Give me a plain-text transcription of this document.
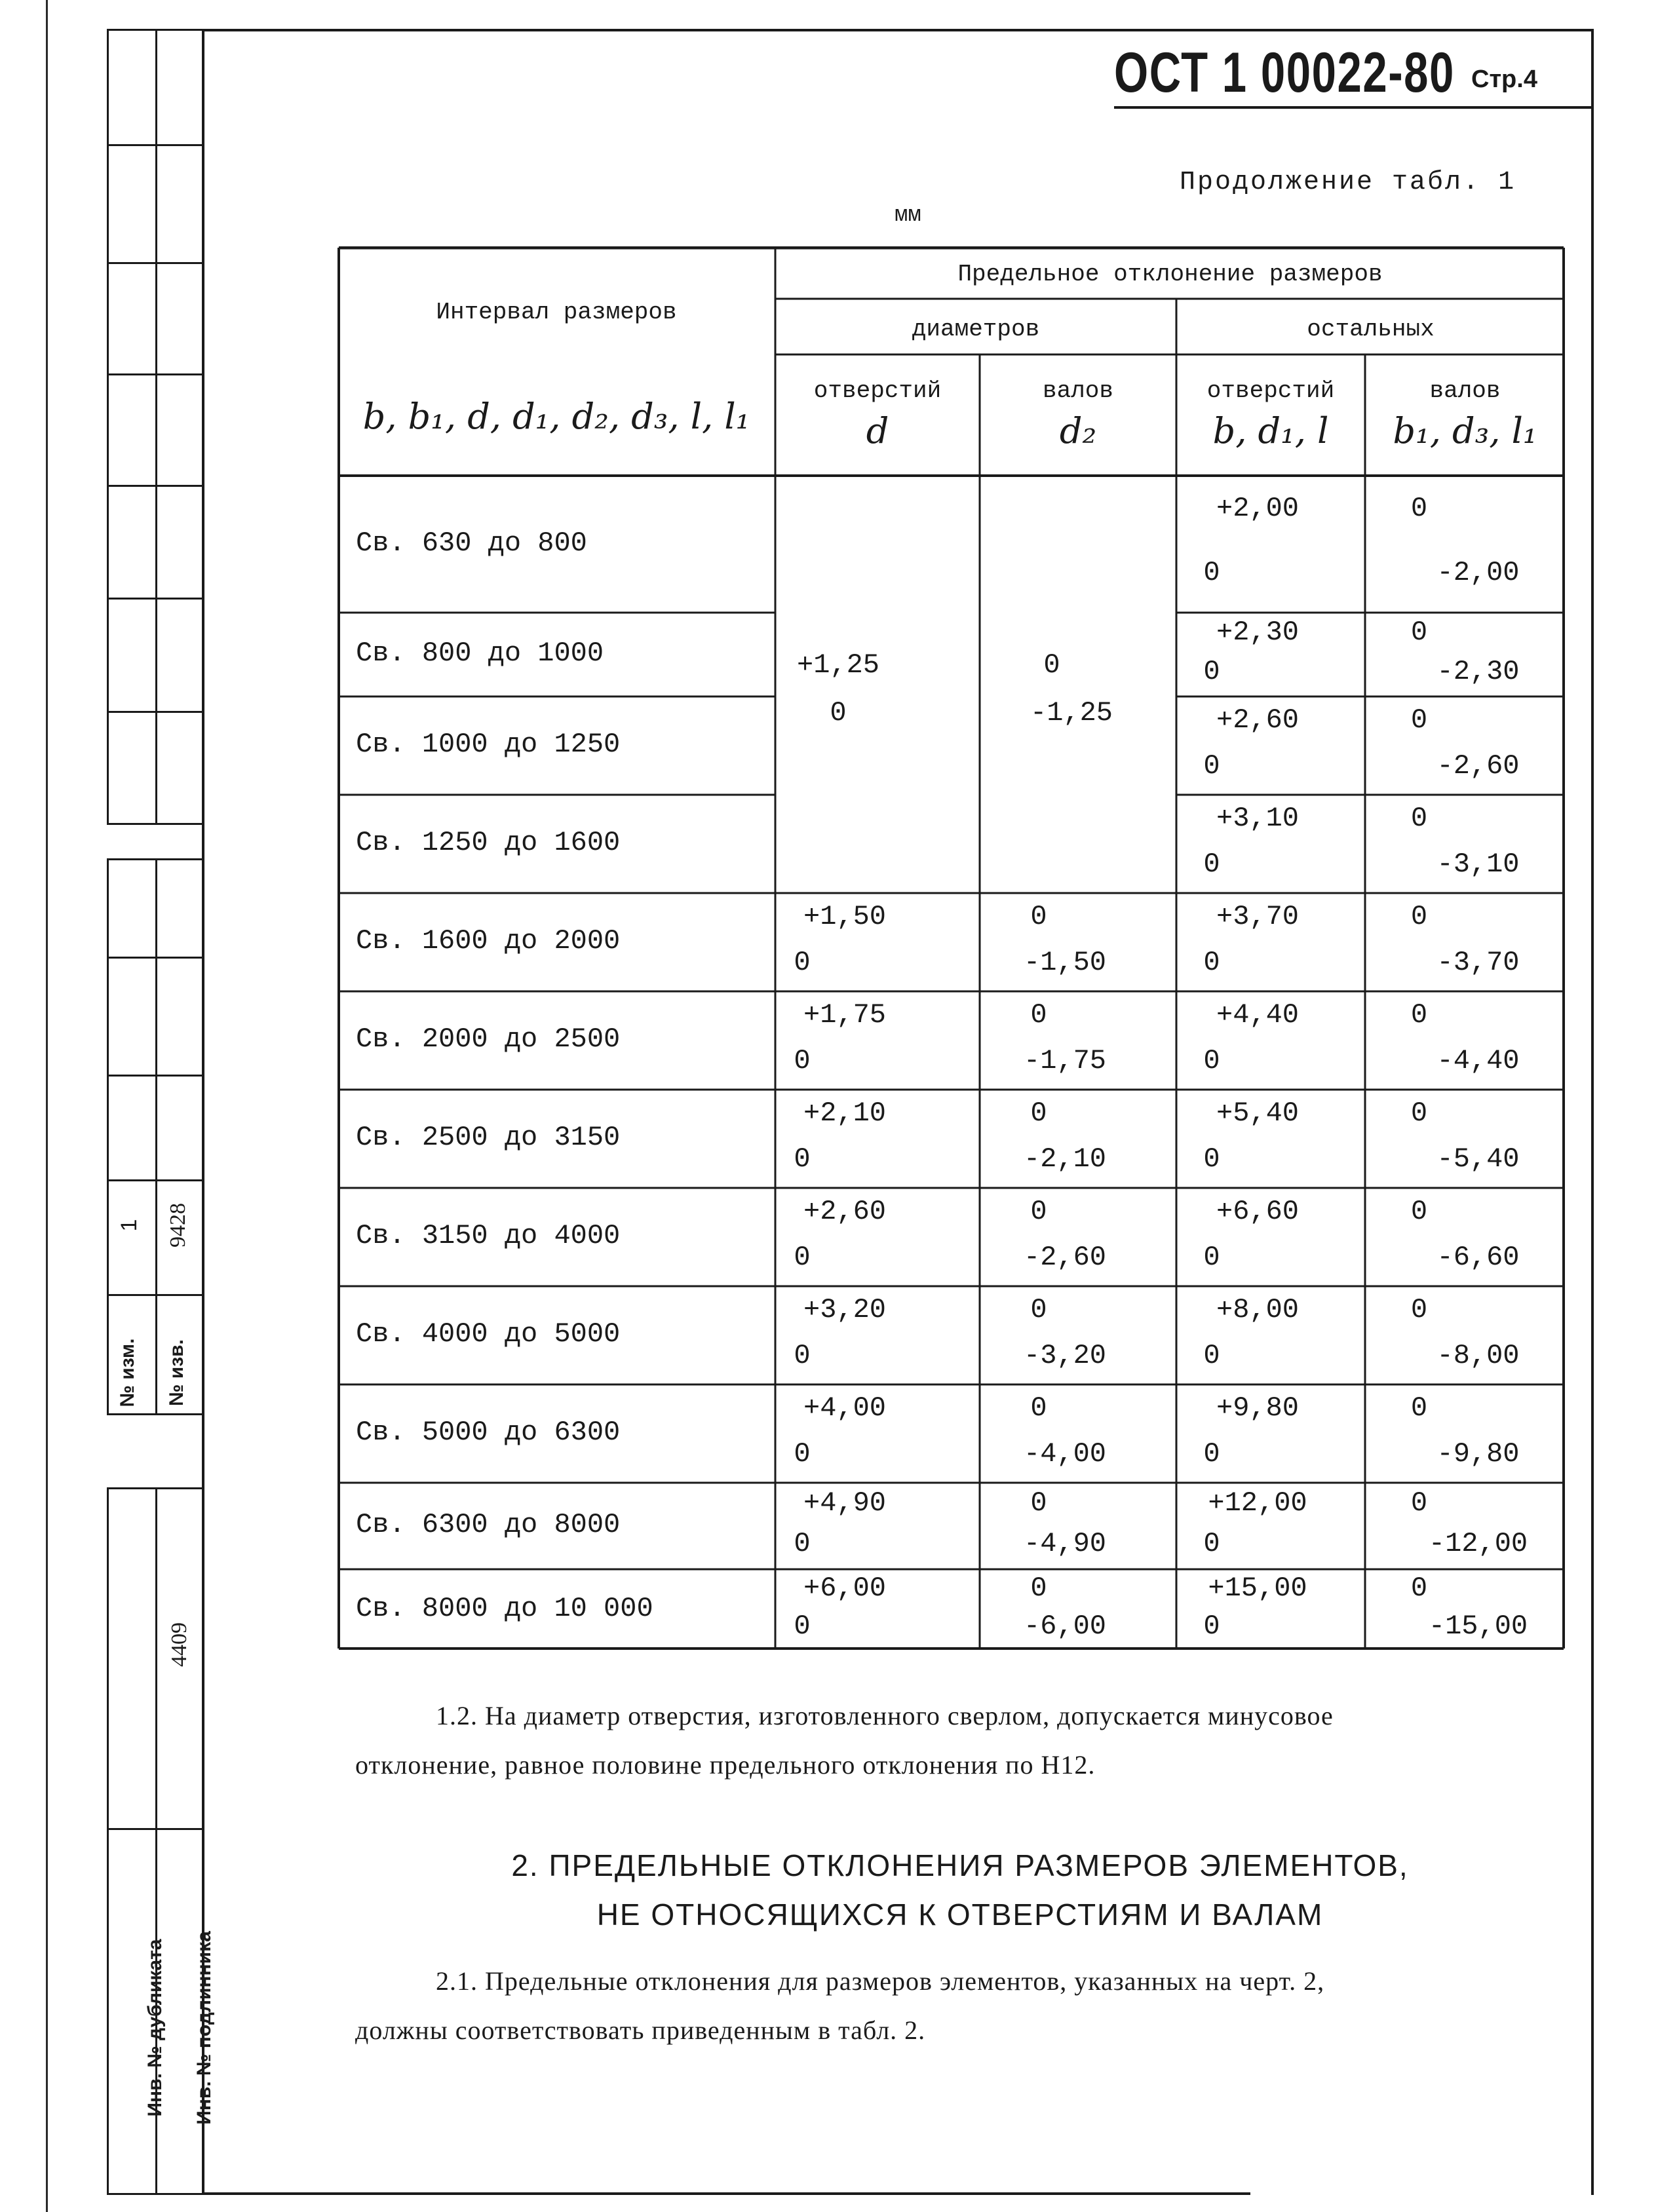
№ изм.
1
№ изв.
9428
Инв. № дубликата Инв. № подлинника
4409
ОСТ 1 00022-80 Стр.4
Продолжение табл. 1
мм
Интервал размеров
b, b₁, d, d₁, d₂, d₃, l, l₁
Предельное отклонение размеров
диаметров	остальных
отверстий
d
валов
d₂
отверстий
b, d₁, l
валов
b₁, d₃, l₁
+1,25
0
0
-1,25
Св. 630 до 800
+2,00
0
0
-2,00
Св. 800 до 1000
+2,30
0
0
-2,30
Св. 1000 до 1250
+2,60
0
0
-2,60
Св. 1250 до 1600
+3,10
0
0
-3,10
Св. 1600 до 2000
+1,50
0
0
-1,50
+3,70
0
0
-3,70
Св. 2000 до 2500
+1,75
0
0
-1,75
+4,40
0
0
-4,40
Св. 2500 до 3150
+2,10
0
0
-2,10
+5,40
0
0
-5,40
Св. 3150 до 4000
+2,60
0
0
-2,60
+6,60
0
0
-6,60
Св. 4000 до 5000
+3,20
0
0
-3,20
+8,00
0
0
-8,00
Св. 5000 до 6300
+4,00
0
0
-4,00
+9,80
0
0
-9,80
Св. 6300 до 8000
+4,90
0
0
-4,90
+12,00
0
0
-12,00
Св. 8000 до 10 000
+6,00
0
0
-6,00
+15,00
0
0
-15,00
1.2. На диаметр отверстия, изготовленного сверлом, допускается минусовое
отклонение, равное половине предельного отклонения по H12.
2. ПРЕДЕЛЬНЫЕ ОТКЛОНЕНИЯ РАЗМЕРОВ ЭЛЕМЕНТОВ,
НЕ ОТНОСЯЩИХСЯ К ОТВЕРСТИЯМ И ВАЛАМ
2.1. Предельные отклонения для размеров элементов, указанных на черт. 2,
должны соответствовать приведенным в табл. 2.
